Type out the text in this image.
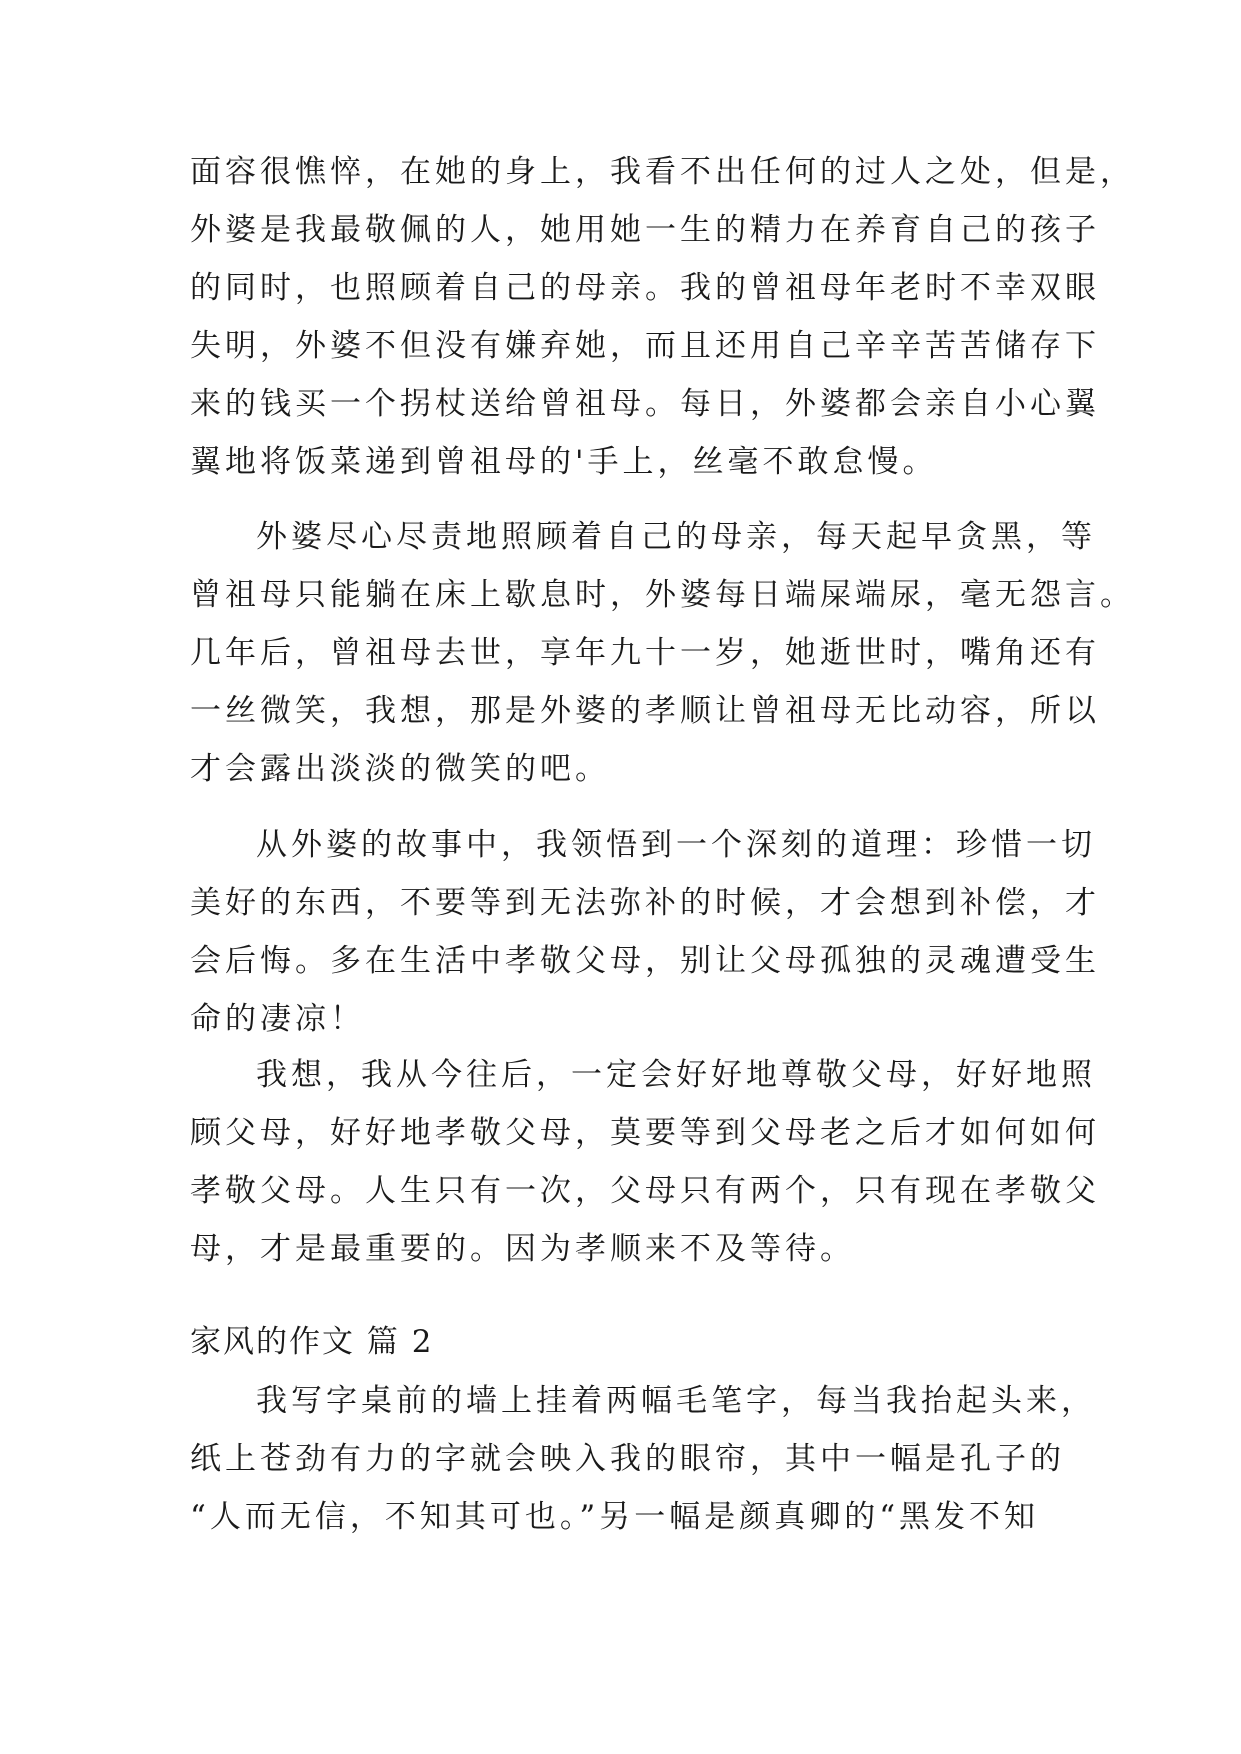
面容很憔悴，在她的身上，我看不出任何的过人之处，但是，
外婆是我最敬佩的人，她用她一生的精力在养育自己的孩子
的同时，也照顾着自己的母亲。我的曾祖母年老时不幸双眼
失明，外婆不但没有嫌弃她，而且还用自己辛辛苦苦储存下
来的钱买一个拐杖送给曾祖母。每日，外婆都会亲自小心翼
翼地将饭菜递到曾祖母的'手上，丝毫不敢怠慢。
外婆尽心尽责地照顾着自己的母亲，每天起早贪黑，等
曾祖母只能躺在床上歇息时，外婆每日端屎端尿，毫无怨言。
几年后，曾祖母去世，享年九十一岁，她逝世时，嘴角还有
一丝微笑，我想，那是外婆的孝顺让曾祖母无比动容，所以
才会露出淡淡的微笑的吧。
从外婆的故事中，我领悟到一个深刻的道理：珍惜一切
美好的东西，不要等到无法弥补的时候，才会想到补偿，才
会后悔。多在生活中孝敬父母，别让父母孤独的灵魂遭受生
命的凄凉！
我想，我从今往后，一定会好好地尊敬父母，好好地照
顾父母，好好地孝敬父母，莫要等到父母老之后才如何如何
孝敬父母。人生只有一次，父母只有两个，只有现在孝敬父
母，才是最重要的。因为孝顺来不及等待。
家风的作文 篇 2
我写字桌前的墙上挂着两幅毛笔字，每当我抬起头来，
纸上苍劲有力的字就会映入我的眼帘，其中一幅是孔子的
“人而无信，不知其可也。”另一幅是颜真卿的“黑发不知
